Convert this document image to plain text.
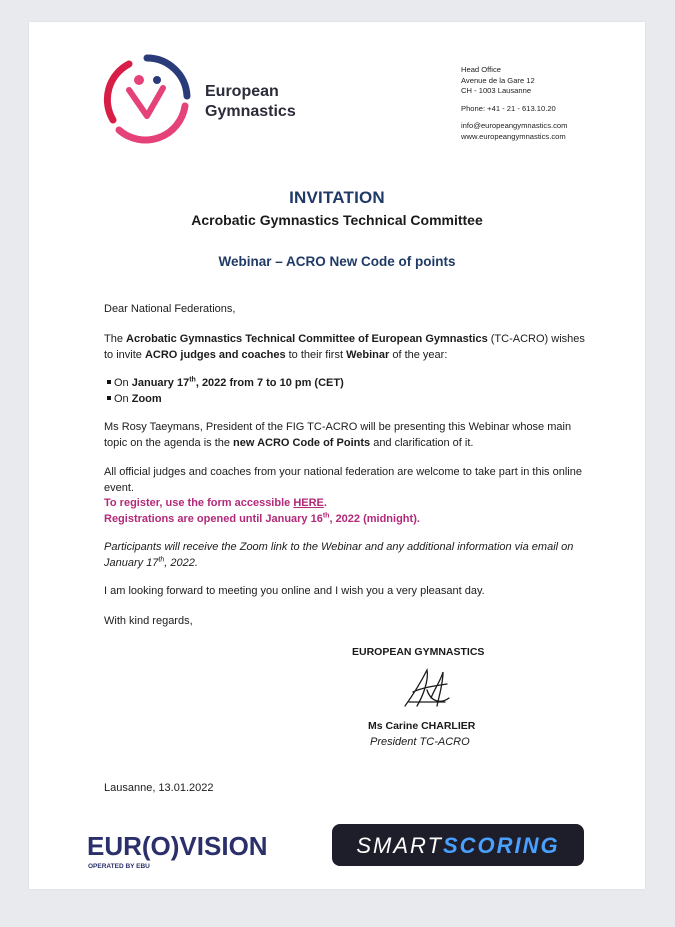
European
Gymnastics
Head Office
Avenue de la Gare 12
CH - 1003 Lausanne
Phone: +41 - 21 - 613.10.20
info@europeangymnastics.com
www.europeangymnastics.com
INVITATION
Acrobatic Gymnastics Technical Committee
Webinar – ACRO New Code of points
Dear National Federations,
The Acrobatic Gymnastics Technical Committee of European Gymnastics (TC-ACRO) wishes to invite ACRO judges and coaches to their first Webinar of the year:
On January 17th, 2022 from 7 to 10 pm (CET)
On Zoom
Ms Rosy Taeymans, President of the FIG TC-ACRO will be presenting this Webinar whose main topic on the agenda is the new ACRO Code of Points and clarification of it.
All official judges and coaches from your national federation are welcome to take part in this online event.
To register, use the form accessible HERE.
Registrations are opened until January 16th, 2022 (midnight).
Participants will receive the Zoom link to the Webinar and any additional information via email on January 17th, 2022.
I am looking forward to meeting you online and I wish you a very pleasant day.
With kind regards,
EUROPEAN GYMNASTICS
Ms Carine CHARLIER
President TC-ACRO
Lausanne, 13.01.2022
EUR(O)VISION
OPERATED BY EBU
SMARTSCORING
